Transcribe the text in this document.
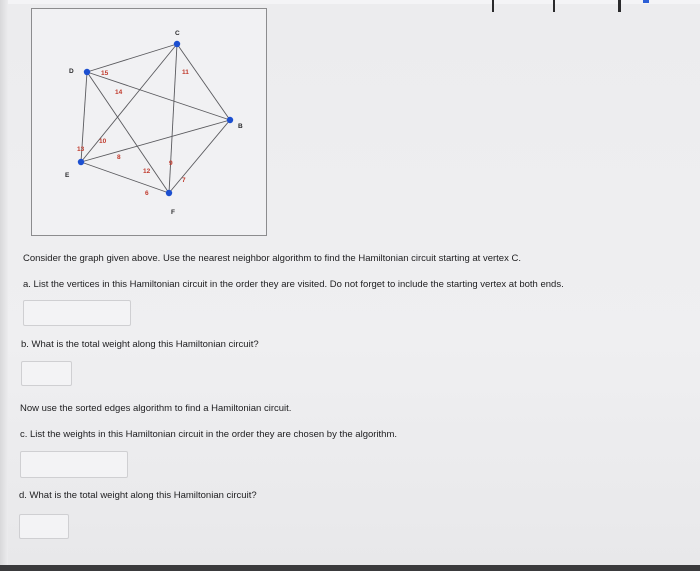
C
D
B
E
F
15	11
14
10
13
8
12
9
7
6
Consider the graph given above. Use the nearest neighbor algorithm to find the Hamiltonian circuit starting at vertex C.
a. List the vertices in this Hamiltonian circuit in the order they are visited. Do not forget to include the starting vertex at both ends.
b. What is the total weight along this Hamiltonian circuit?
Now use the sorted edges algorithm to find a Hamiltonian circuit.
c. List the weights in this Hamiltonian circuit in the order they are chosen by the algorithm.
d. What is the total weight along this Hamiltonian circuit?
